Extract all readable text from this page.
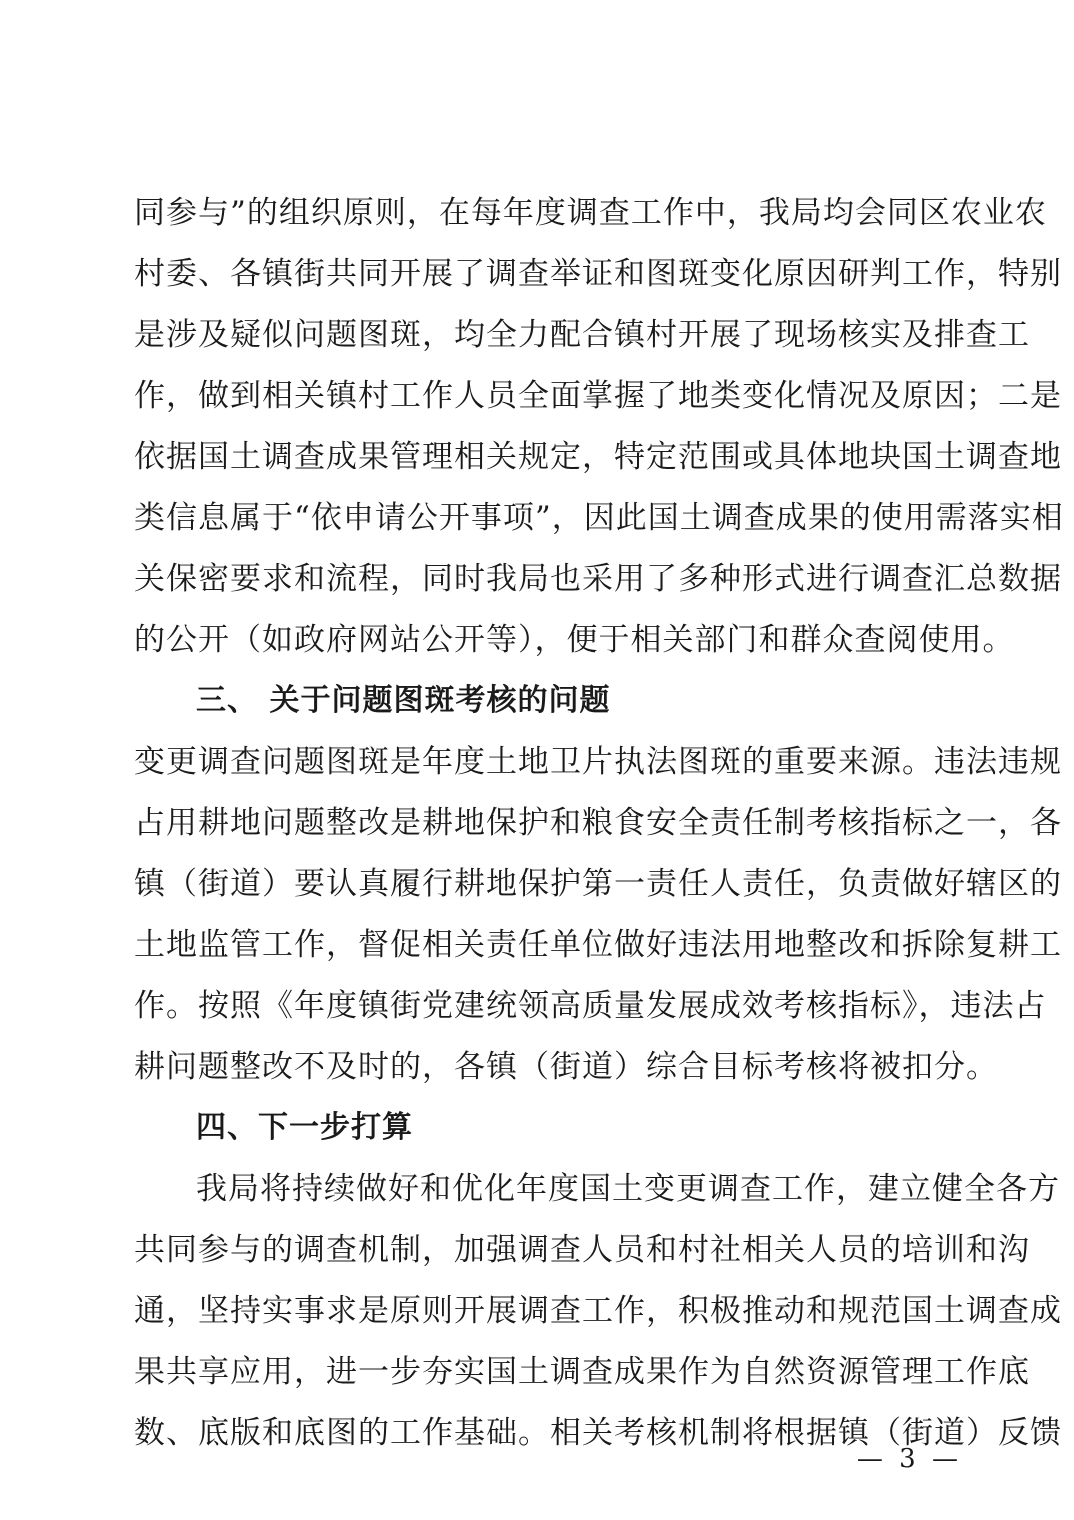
同参与”的组织原则，在每年度调查工作中，我局均会同区农业农
村委、各镇街共同开展了调查举证和图斑变化原因研判工作，特别
是涉及疑似问题图斑，均全力配合镇村开展了现场核实及排查工
作，做到相关镇村工作人员全面掌握了地类变化情况及原因；二是
依据国土调查成果管理相关规定，特定范围或具体地块国土调查地
类信息属于“依申请公开事项”，因此国土调查成果的使用需落实相
关保密要求和流程，同时我局也采用了多种形式进行调查汇总数据
的公开（如政府网站公开等），便于相关部门和群众查阅使用。
三、 关于问题图斑考核的问题
变更调查问题图斑是年度土地卫片执法图斑的重要来源。违法违规
占用耕地问题整改是耕地保护和粮食安全责任制考核指标之一，各
镇（街道）要认真履行耕地保护第一责任人责任，负责做好辖区的
土地监管工作，督促相关责任单位做好违法用地整改和拆除复耕工
作。按照《年度镇街党建统领高质量发展成效考核指标》，违法占
耕问题整改不及时的，各镇（街道）综合目标考核将被扣分。
四、下一步打算
我局将持续做好和优化年度国土变更调查工作，建立健全各方
共同参与的调查机制，加强调查人员和村社相关人员的培训和沟
通，坚持实事求是原则开展调查工作，积极推动和规范国土调查成
果共享应用，进一步夯实国土调查成果作为自然资源管理工作底
数、底版和底图的工作基础。相关考核机制将根据镇（街道）反馈
— 3 —
